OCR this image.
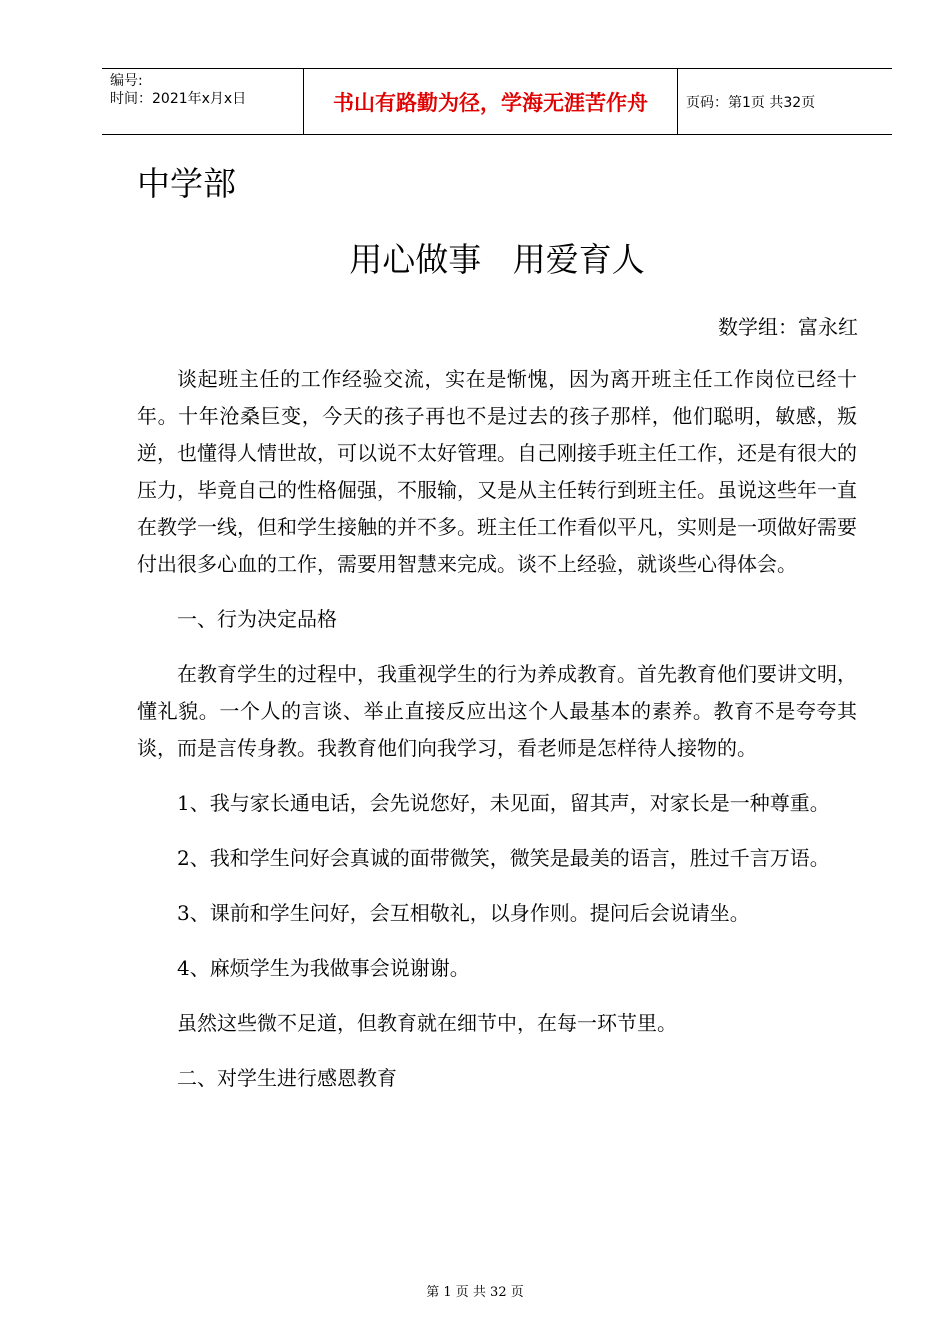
编号:
时间：2021年x月x日	书山有路勤为径，学海无涯苦作舟	页码：第1页 共32页
中学部
用心做事   用爱育人
数学组：富永红

谈起班主任的工作经验交流，实在是惭愧，因为离开班主任工作岗位已经十年。十年沧桑巨变，今天的孩子再也不是过去的孩子那样，他们聪明，敏感，叛逆，也懂得人情世故，可以说不太好管理。自己刚接手班主任工作，还是有很大的压力，毕竟自己的性格倔强，不服输，又是从主任转行到班主任。虽说这些年一直在教学一线，但和学生接触的并不多。班主任工作看似平凡，实则是一项做好需要付出很多心血的工作，需要用智慧来完成。谈不上经验，就谈些心得体会。

一、行为决定品格

在教育学生的过程中，我重视学生的行为养成教育。首先教育他们要讲文明，懂礼貌。一个人的言谈、举止直接反应出这个人最基本的素养。教育不是夸夸其谈，而是言传身教。我教育他们向我学习，看老师是怎样待人接物的。

1、我与家长通电话，会先说您好，未见面，留其声，对家长是一种尊重。

2、我和学生问好会真诚的面带微笑，微笑是最美的语言，胜过千言万语。

3、课前和学生问好，会互相敬礼，以身作则。提问后会说请坐。

4、麻烦学生为我做事会说谢谢。

虽然这些微不足道，但教育就在细节中，在每一环节里。

二、对学生进行感恩教育

第 1 页 共 32 页
